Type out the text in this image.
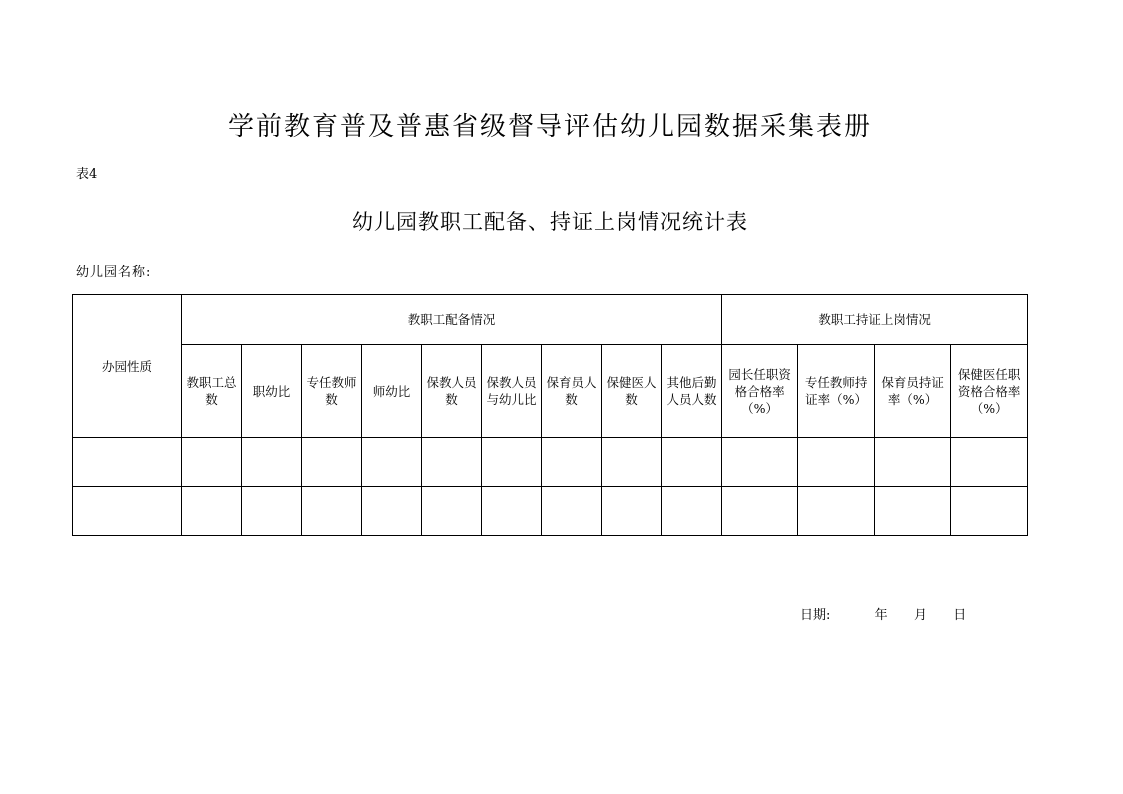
学前教育普及普惠省级督导评估幼儿园数据采集表册
表4
幼儿园教职工配备、持证上岗情况统计表
幼儿园名称:
办园性质	教职工配备情况									教职工持证上岗情况			
	教职工总数	职幼比	专任教师数	师幼比	保教人员数	保教人员与幼儿比	保育员人数	保健医人数	其他后勤人员人数	园长任职资格合格率（%）	专任教师持证率（%）	保育员持证率（%）	保健医任职资格合格率（%）

日期:	年 月 日
